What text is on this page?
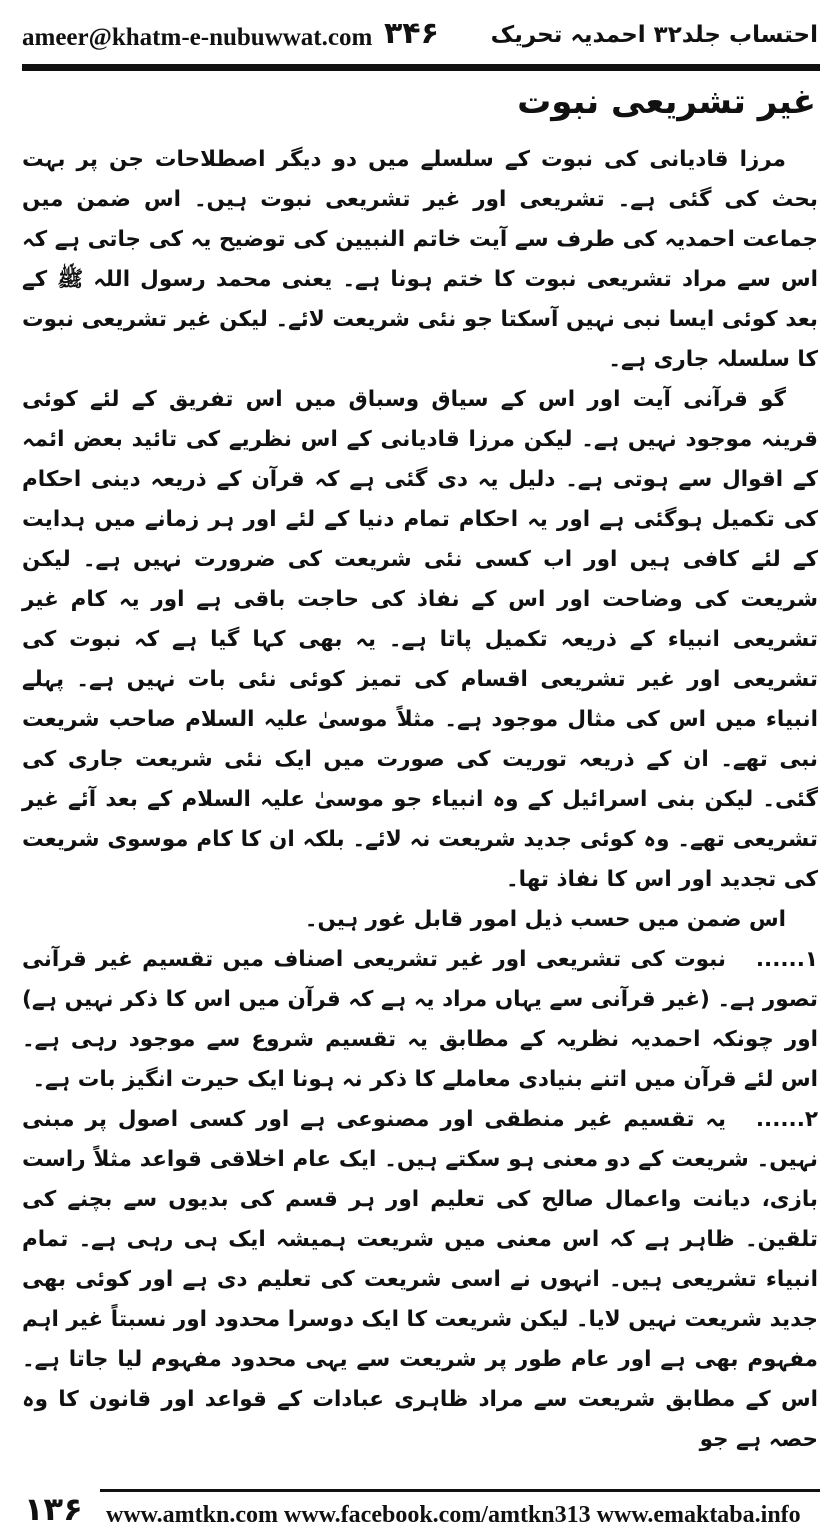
ameer@khatm-e-nubuwwat.com ۳۴۶ احتساب جلد۳۲ احمدیہ تحریک
غیر تشریعی نبوت

مرزا قادیانی کی نبوت کے سلسلے میں دو دیگر اصطلاحات جن پر بہت بحث کی گئی ہے۔ تشریعی اور غیر تشریعی نبوت ہیں۔ اس ضمن میں جماعت احمدیہ کی طرف سے آیت خاتم النبیین کی توضیح یہ کی جاتی ہے کہ اس سے مراد تشریعی نبوت کا ختم ہونا ہے۔ یعنی محمد رسول اللہ ﷺ کے بعد کوئی ایسا نبی نہیں آسکتا جو نئی شریعت لائے۔ لیکن غیر تشریعی نبوت کا سلسلہ جاری ہے۔

گو قرآنی آیت اور اس کے سیاق وسباق میں اس تفریق کے لئے کوئی قرینہ موجود نہیں ہے۔ لیکن مرزا قادیانی کے اس نظریے کی تائید بعض ائمہ کے اقوال سے ہوتی ہے۔ دلیل یہ دی گئی ہے کہ قرآن کے ذریعہ دینی احکام کی تکمیل ہوگئی ہے اور یہ احکام تمام دنیا کے لئے اور ہر زمانے میں ہدایت کے لئے کافی ہیں اور اب کسی نئی شریعت کی ضرورت نہیں ہے۔ لیکن شریعت کی وضاحت اور اس کے نفاذ کی حاجت باقی ہے اور یہ کام غیر تشریعی انبیاء کے ذریعہ تکمیل پاتا ہے۔ یہ بھی کہا گیا ہے کہ نبوت کی تشریعی اور غیر تشریعی اقسام کی تمیز کوئی نئی بات نہیں ہے۔ پہلے انبیاء میں اس کی مثال موجود ہے۔ مثلاً موسیٰ علیہ السلام صاحب شریعت نبی تھے۔ ان کے ذریعہ توریت کی صورت میں ایک نئی شریعت جاری کی گئی۔ لیکن بنی اسرائیل کے وہ انبیاء جو موسیٰ علیہ السلام کے بعد آئے غیر تشریعی تھے۔ وہ کوئی جدید شریعت نہ لائے۔ بلکہ ان کا کام موسوی شریعت کی تجدید اور اس کا نفاذ تھا۔

اس ضمن میں حسب ذیل امور قابل غور ہیں۔

۱......نبوت کی تشریعی اور غیر تشریعی اصناف میں تقسیم غیر قرآنی تصور ہے۔ (غیر قرآنی سے یہاں مراد یہ ہے کہ قرآن میں اس کا ذکر نہیں ہے) اور چونکہ احمدیہ نظریہ کے مطابق یہ تقسیم شروع سے موجود رہی ہے۔ اس لئے قرآن میں اتنے بنیادی معاملے کا ذکر نہ ہونا ایک حیرت انگیز بات ہے۔

۲......یہ تقسیم غیر منطقی اور مصنوعی ہے اور کسی اصول پر مبنی نہیں۔ شریعت کے دو معنی ہو سکتے ہیں۔ ایک عام اخلاقی قواعد مثلاً راست بازی، دیانت واعمال صالح کی تعلیم اور ہر قسم کی بدیوں سے بچنے کی تلقین۔ ظاہر ہے کہ اس معنی میں شریعت ہمیشہ ایک ہی رہی ہے۔ تمام انبیاء تشریعی ہیں۔ انہوں نے اسی شریعت کی تعلیم دی ہے اور کوئی بھی جدید شریعت نہیں لایا۔ لیکن شریعت کا ایک دوسرا محدود اور نسبتاً غیر اہم مفہوم بھی ہے اور عام طور پر شریعت سے یہی محدود مفہوم لیا جاتا ہے۔ اس کے مطابق شریعت سے مراد ظاہری عبادات کے قواعد اور قانون کا وہ حصہ ہے جو

۱۳۶ www.amtkn.com www.facebook.com/amtkn313 www.emaktaba.info
